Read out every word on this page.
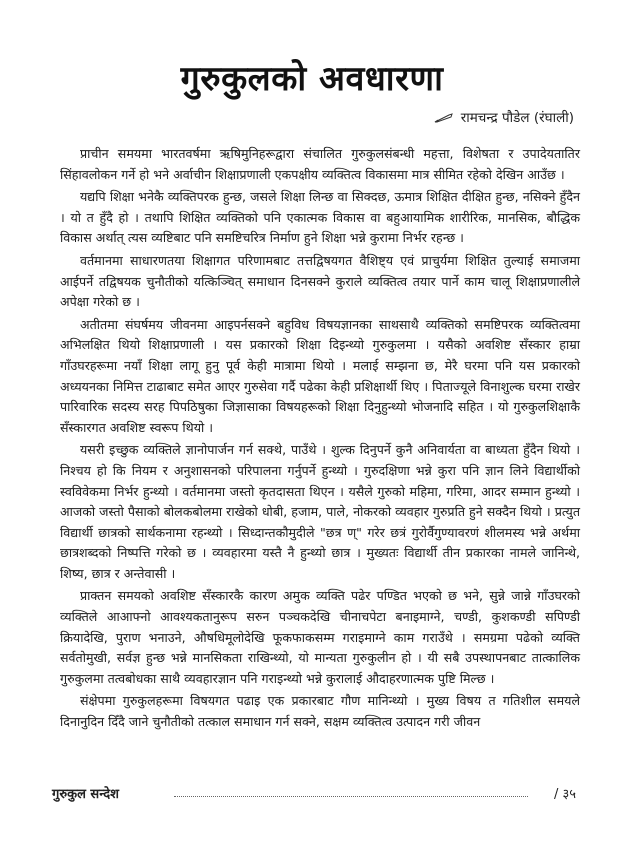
गुरुकुलको अवधारणा
रामचन्द्र पौडेल (रंघाली)

प्राचीन समयमा भारतवर्षमा ऋषिमुनिहरूद्वारा संचालित गुरुकुलसंबन्धी महत्ता, विशेषता र उपादेयतातिर सिंहावलोकन गर्ने हो भने अर्वाचीन शिक्षाप्रणाली एकपक्षीय व्यक्तित्व विकासमा मात्र सीमित रहेको देखिन आउँछ ।

यद्यपि शिक्षा भनेकै व्यक्तिपरक हुन्छ, जसले शिक्षा लिन्छ वा सिक्दछ, ऊमात्र शिक्षित दीक्षित हुन्छ, नसिक्ने हुँदैन । यो त हुँदै हो । तथापि शिक्षित व्यक्तिको पनि एकात्मक विकास वा बहुआयामिक शारीरिक, मानसिक, बौद्धिक विकास अर्थात् त्यस व्यष्टिबाट पनि समष्टिचरित्र निर्माण हुने शिक्षा भन्ने कुरामा निर्भर रहन्छ ।

वर्तमानमा साधारणतया शिक्षागत परिणामबाट तत्तद्विषयगत वैशिष्ट्य एवं प्राचुर्यमा शिक्षित तुल्याई समाजमा आईपर्ने तद्विषयक चुनौतीको यत्किञ्चित् समाधान दिनसक्ने कुराले व्यक्तित्व तयार पार्ने काम चालू शिक्षाप्रणालीले अपेक्षा गरेको छ ।

अतीतमा संघर्षमय जीवनमा आइपर्नसक्ने बहुविध विषयज्ञानका साथसाथै व्यक्तिको समष्टिपरक व्यक्तित्वमा अभिलक्षित थियो शिक्षाप्रणाली । यस प्रकारको शिक्षा दिइन्थ्यो गुरुकुलमा । यसैको अवशिष्ट सँस्कार हाम्रा गाँउघरहरूमा नयाँ शिक्षा लागू हुनु पूर्व केही मात्रामा थियो । मलाई सम्झना छ, मेरै घरमा पनि यस प्रकारको अध्ययनका निमित्त टाढाबाट समेत आएर गुरुसेवा गर्दै पढेका केही प्रशिक्षार्थी थिए । पिताज्यूले विनाशुल्क घरमा राखेर पारिवारिक सदस्य सरह पिपठिषुका जिज्ञासाका विषयहरूको शिक्षा दिनुहुन्थ्यो भोजनादि सहित । यो गुरुकुलशिक्षाकै सँस्कारगत अवशिष्ट स्वरूप थियो ।

यसरी इच्छुक व्यक्तिले ज्ञानोपार्जन गर्न सक्थे, पाउँथे । शुल्क दिनुपर्ने कुनै अनिवार्यता वा बाध्यता हुँदैन थियो । निश्चय हो कि नियम र अनुशासनको परिपालना गर्नुपर्ने हुन्थ्यो । गुरुदक्षिणा भन्ने कुरा पनि ज्ञान लिने विद्यार्थीको स्वविवेकमा निर्भर हुन्थ्यो । वर्तमानमा जस्तो कृतदासता थिएन । यसैले गुरुको महिमा, गरिमा, आदर सम्मान हुन्थ्यो । आजको जस्तो पैसाको बोलकबोलमा राखेको धोबी, हजाम, पाले, नोकरको व्यवहार गुरुप्रति हुने सक्दैन थियो । प्रत्युत विद्यार्थी छात्रको सार्थकनामा रहन्थ्यो । सिध्दान्तकौमुदीले "छत्र ण्" गरेर छत्रं गुरोर्वैगुण्यावरणं शीलमस्य भन्ने अर्थमा छात्रशब्दको निष्पत्ति गरेको छ । व्यवहारमा यस्तै नै हुन्थ्यो छात्र । मुख्यतः विद्यार्थी तीन प्रकारका नामले जानिन्थे, शिष्य, छात्र र अन्तेवासी ।

प्राक्तन समयको अवशिष्ट सँस्कारकै कारण अमुक व्यक्ति पढेर पण्डित भएको छ भने, सुन्ने जान्ने गाँउघरको व्यक्तिले आआफ्नो आवश्यकतानुरूप सरुन पञ्चकदेखि चीनाचपेटा बनाइमाग्ने, चण्डी, कुशकण्डी सपिण्डी क्रियादेखि, पुराण भनाउने, औषधिमूलोदेखि फूकफाकसम्म गराइमाग्ने काम गराउँथे । समग्रमा पढेको व्यक्ति सर्वतोमुखी, सर्वज्ञ हुन्छ भन्ने मानसिकता राखिन्थ्यो, यो मान्यता गुरुकुलीन हो । यी सबै उपस्थापनबाट तात्कालिक गुरुकुलमा तत्वबोधका साथै व्यवहारज्ञान पनि गराइन्थ्यो भन्ने कुरालाई औदाहरणात्मक पुष्टि मिल्छ ।

संक्षेपमा गुरुकुलहरूमा विषयगत पढाइ एक प्रकारबाट गौण मानिन्थ्यो । मुख्य विषय त गतिशील समयले दिनानुदिन दिँदै जाने चुनौतीको तत्काल समाधान गर्न सक्ने, सक्षम व्यक्तित्व उत्पादन गरी जीवन

गुरुकुल सन्देश	/ ३५
